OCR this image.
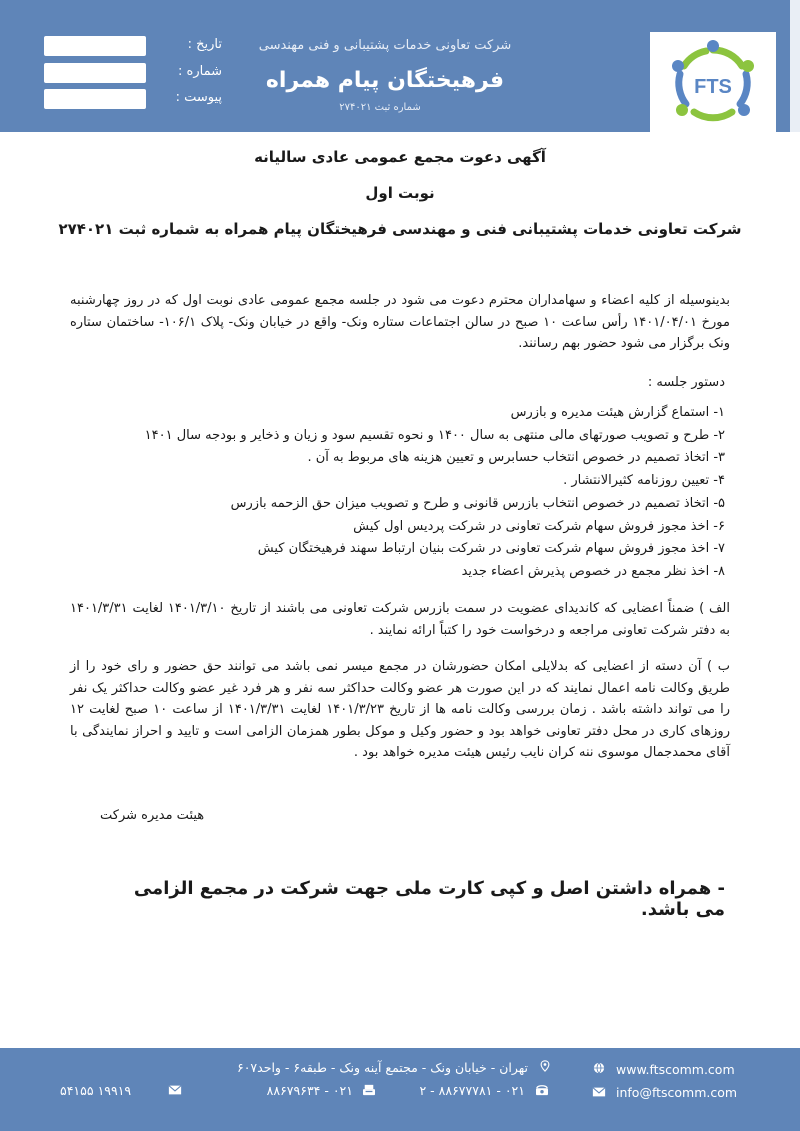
تاریخ :
شماره :
پیوست :
شرکت تعاونی خدمات پشتیبانی و فنی مهندسی
فرهیختگان پیام همراه
شماره ثبت ۲۷۴۰۲۱
FTS
آگهی دعوت مجمع عمومی عادی سالیانه
نوبت اول
شرکت تعاونی خدمات پشتیبانی فنی و مهندسی فرهیختگان پیام همراه به شماره ثبت ۲۷۴۰۲۱
بدینوسیله از کلیه اعضاء و سهامداران محترم دعوت می شود در جلسه مجمع عمومی عادی نوبت اول که در روز چهارشنبه مورخ ۱۴۰۱/۰۴/۰۱ رأس ساعت ۱۰ صبح در سالن اجتماعات ستاره ونک- واقع در خیابان ونک- پلاک ۱۰۶/۱- ساختمان ستاره ونک برگزار می شود حضور بهم رسانند.
دستور جلسه :
۱- استماع گزارش هیئت مدیره و بازرس
۲- طرح و تصویب صورتهای مالی منتهی به سال ۱۴۰۰ و نحوه تقسیم سود و زیان و ذخایر و بودجه سال ۱۴۰۱
۳- اتخاذ تصمیم در خصوص انتخاب حسابرس و تعیین هزینه های مربوط به آن .
۴- تعیین روزنامه کثیرالانتشار .
۵- اتخاذ تصمیم در خصوص انتخاب بازرس قانونی و طرح و تصویب میزان حق الزحمه بازرس
۶- اخذ مجوز فروش سهام شرکت تعاونی در شرکت پردیس اول کیش
۷- اخذ مجوز فروش سهام شرکت تعاونی در شرکت بنیان ارتباط سهند فرهیختگان کیش
۸- اخذ نظر مجمع در خصوص پذیرش اعضاء جدید
الف ) ضمناً اعضایی که کاندیدای عضویت در سمت بازرس شرکت تعاونی می باشند از تاریخ ۱۴۰۱/۳/۱۰ لغایت ۱۴۰۱/۳/۳۱ به دفتر شرکت تعاونی مراجعه و درخواست خود را کتباً ارائه نمایند .
ب ) آن دسته از اعضایی که بدلایلی امکان حضورشان در مجمع میسر نمی باشد می توانند حق حضور و رای خود را از طریق وکالت نامه اعمال نمایند که در این صورت هر عضو وکالت حداکثر سه نفر و هر فرد غیر عضو وکالت حداکثر یک نفر را می تواند داشته باشد . زمان بررسی وکالت نامه ها از تاریخ ۱۴۰۱/۳/۲۳ لغایت ۱۴۰۱/۳/۳۱ از ساعت ۱۰ صبح لغایت ۱۲ روزهای کاری در محل دفتر تعاونی خواهد بود و حضور وکیل و موکل بطور همزمان الزامی است و تایید و احراز نمایندگی با آقای محمدجمال موسوی ننه کران نایب رئیس هیئت مدیره خواهد بود .
هیئت مدیره شرکت
- همراه داشتن اصل و کپی کارت ملی جهت شرکت در مجمع الزامی می باشد.
تهران - خیابان ونک - مجتمع آینه ونک - طبقه۶ - واحد۶۰۷
۰۲۱ - ۸۸۶۷۷۷۸۱ - ۲
۰۲۱ - ۸۸۶۷۹۶۳۴
۱۹۹۱۹ ۵۴۱۵۵
www.ftscomm.com
info@ftscomm.com
